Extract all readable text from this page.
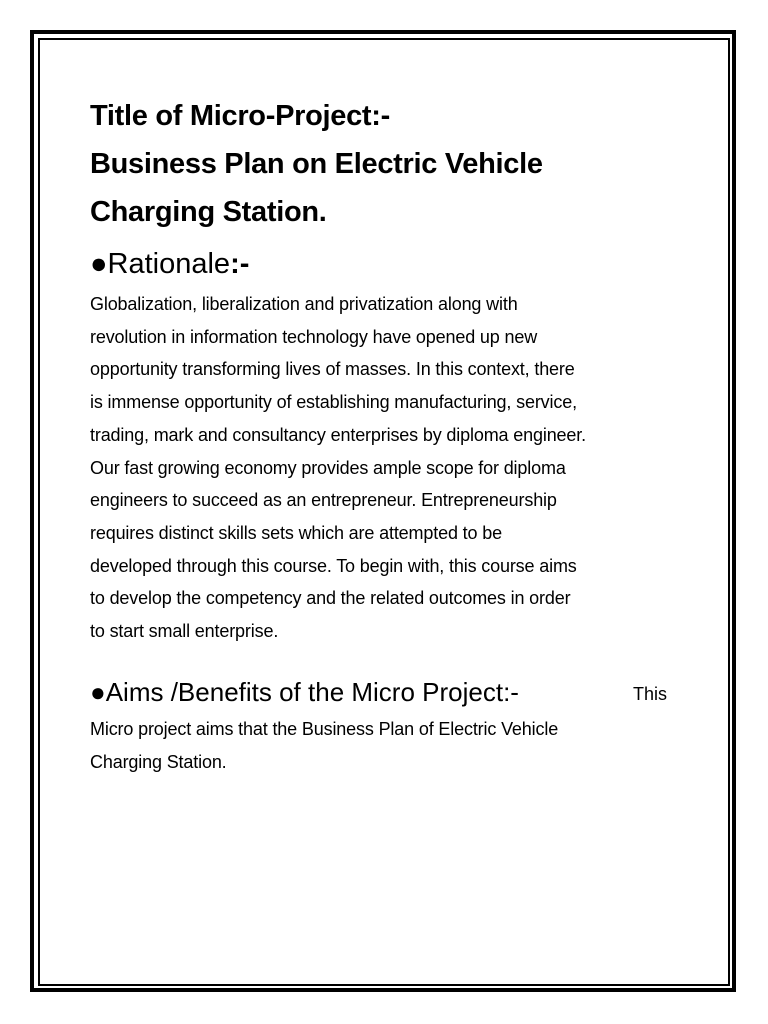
Title of Micro-Project:-

Business Plan on Electric Vehicle

Charging Station.

●Rationale:-

Globalization, liberalization and privatization along with

revolution in information technology have opened up new

opportunity transforming lives of masses. In this context, there

is immense opportunity of establishing manufacturing, service,

trading, mark and consultancy enterprises by diploma engineer.

Our fast growing economy provides ample scope for diploma

engineers to succeed as an entrepreneur. Entrepreneurship

requires distinct skills sets which are attempted to be

developed through this course. To begin with, this course aims

to develop the competency and the related outcomes in order

to start small enterprise.

●Aims /Benefits of the Micro Project:-	This

Micro project aims that the Business Plan of Electric Vehicle

Charging Station.
